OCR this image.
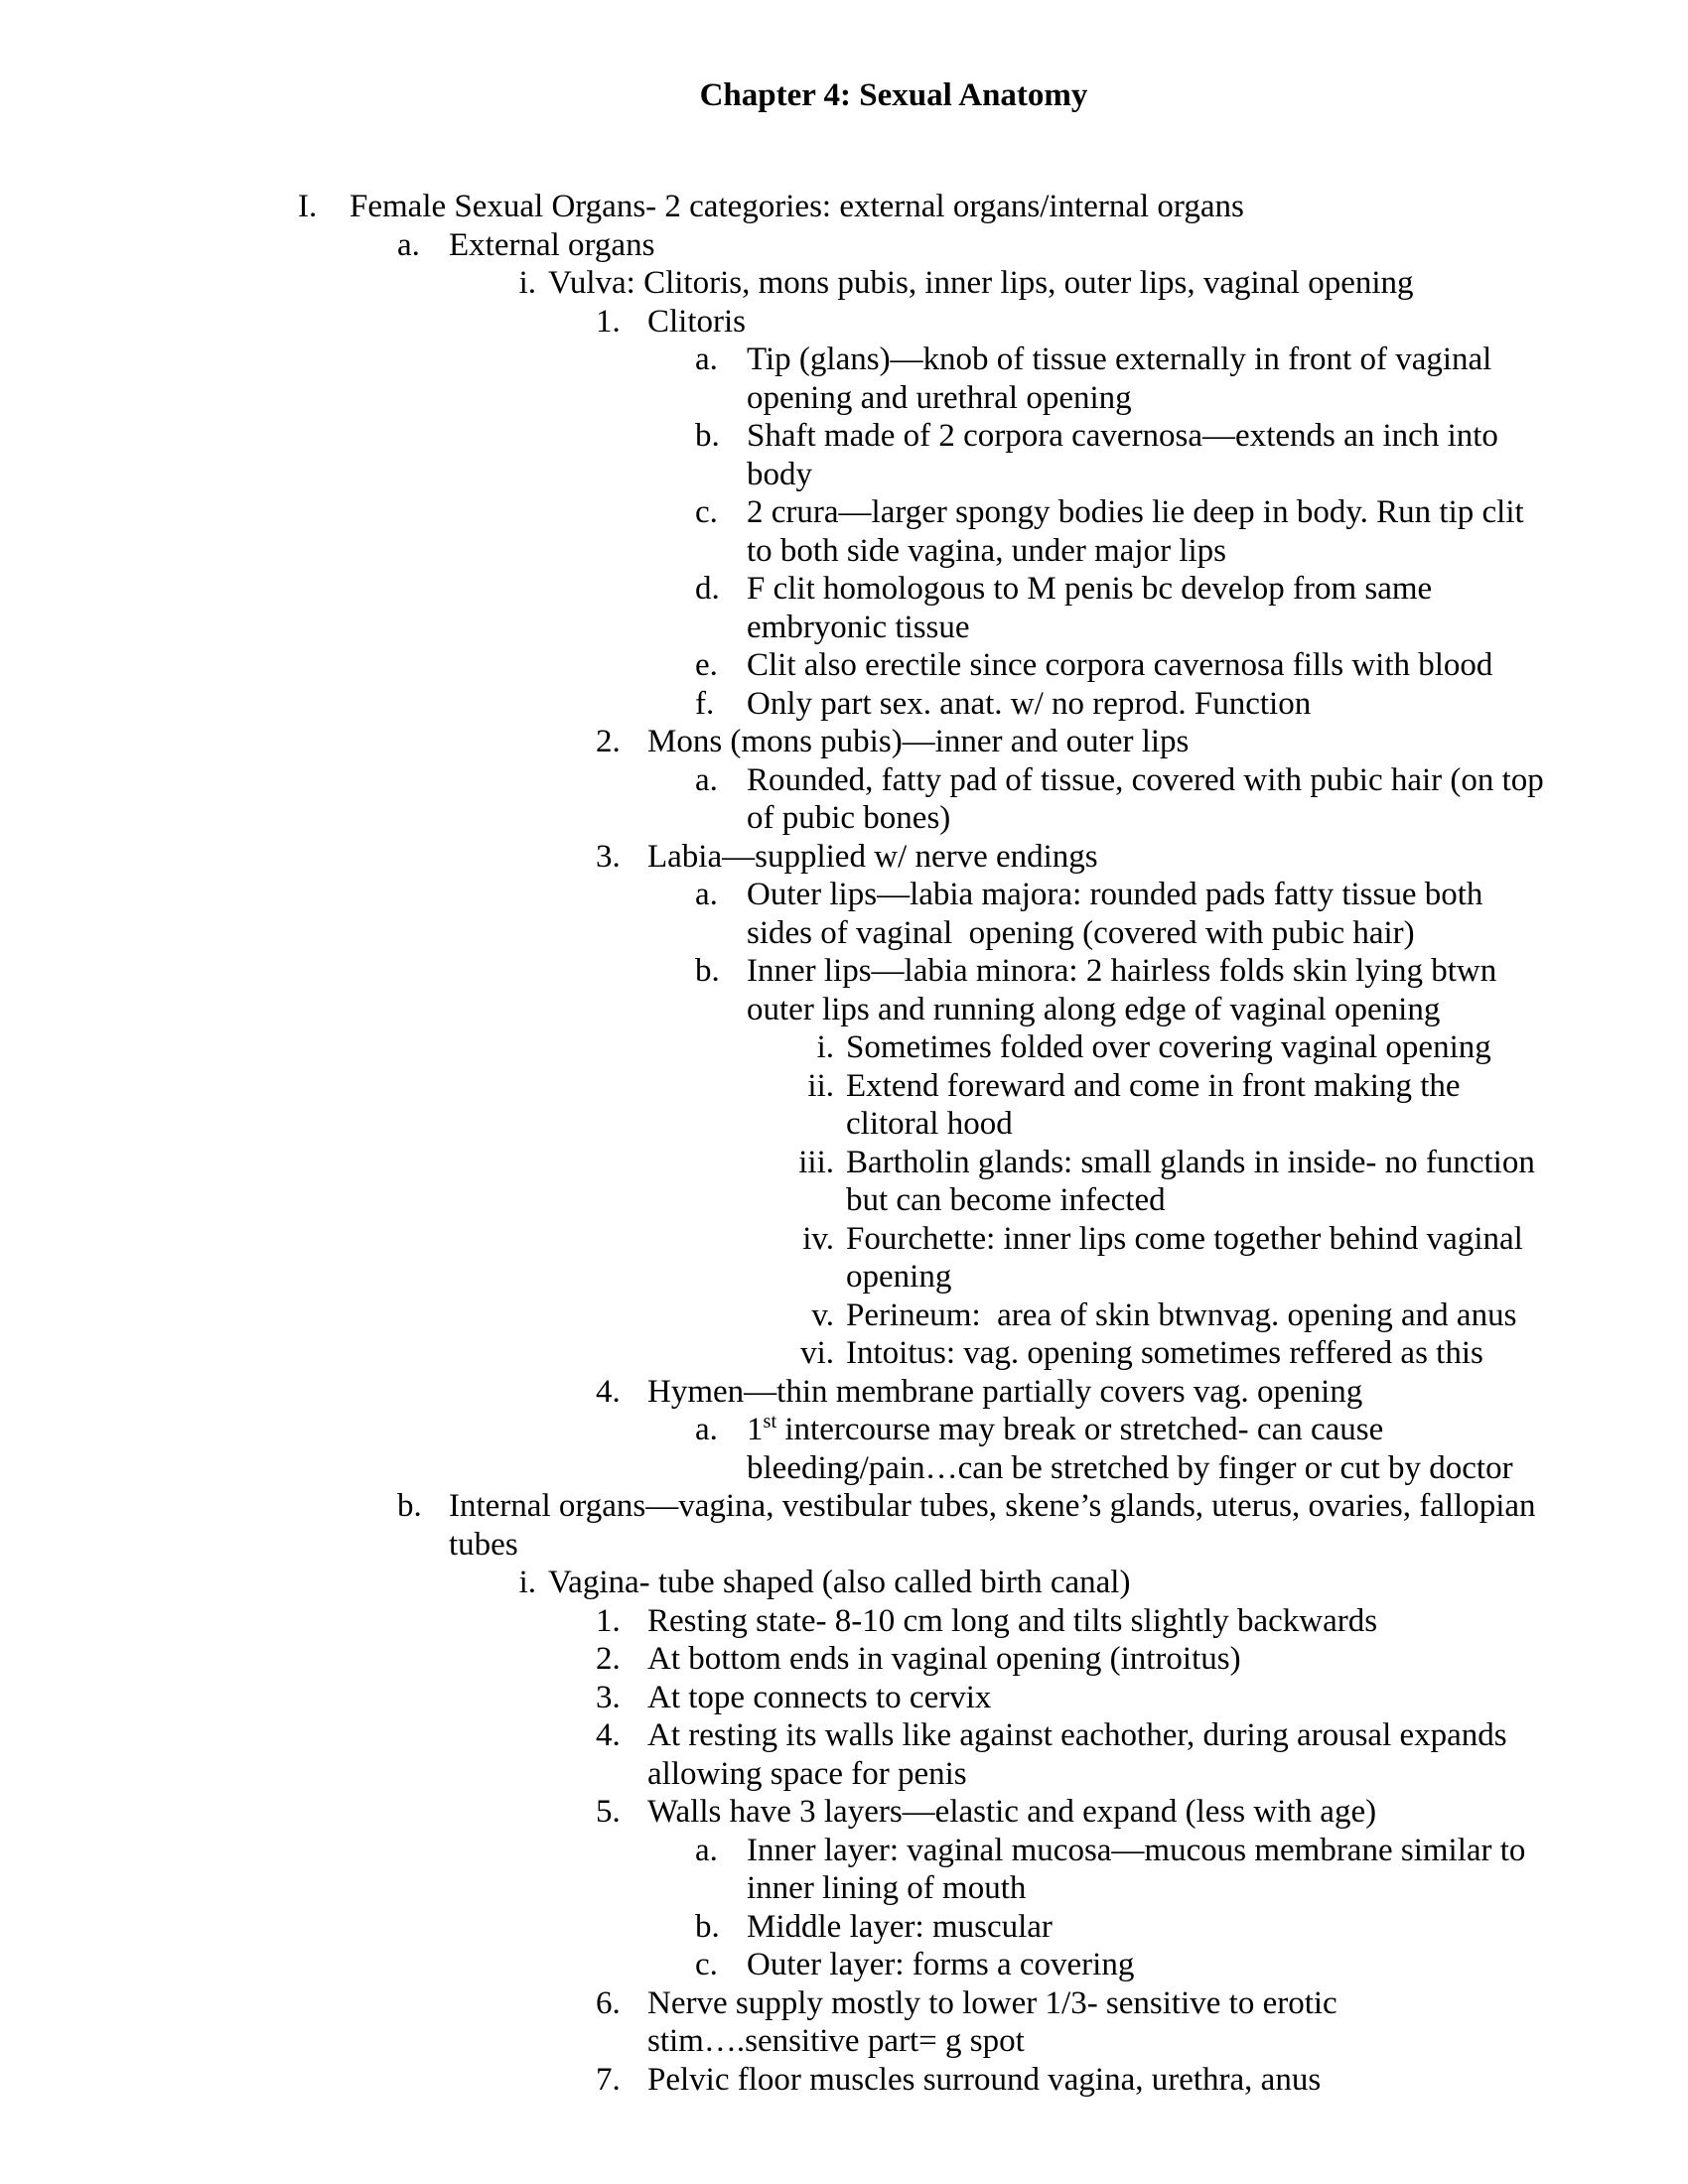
Chapter 4: Sexual Anatomy
I. Female Sexual Organs- 2 categories: external organs/internal organs
a. External organs
i. Vulva: Clitoris, mons pubis, inner lips, outer lips, vaginal opening
1. Clitoris
a. Tip (glans)—knob of tissue externally in front of vaginal opening and urethral opening
b. Shaft made of 2 corpora cavernosa—extends an inch into body
c. 2 crura—larger spongy bodies lie deep in body. Run tip clit to both side vagina, under major lips
d. F clit homologous to M penis bc develop from same embryonic tissue
e. Clit also erectile since corpora cavernosa fills with blood
f. Only part sex. anat. w/ no reprod. Function
2. Mons (mons pubis)—inner and outer lips
a. Rounded, fatty pad of tissue, covered with pubic hair (on top of pubic bones)
3. Labia—supplied w/ nerve endings
a. Outer lips—labia majora: rounded pads fatty tissue both sides of vaginal  opening (covered with pubic hair)
b. Inner lips—labia minora: 2 hairless folds skin lying btwn outer lips and running along edge of vaginal opening
i. Sometimes folded over covering vaginal opening
ii. Extend foreward and come in front making the clitoral hood
iii. Bartholin glands: small glands in inside- no function but can become infected
iv. Fourchette: inner lips come together behind vaginal opening
v. Perineum:  area of skin btwnvag. opening and anus
vi. Intoitus: vag. opening sometimes reffered as this
4. Hymen—thin membrane partially covers vag. opening
a. 1st intercourse may break or stretched- can cause bleeding/pain…can be stretched by finger or cut by doctor
b. Internal organs—vagina, vestibular tubes, skene’s glands, uterus, ovaries, fallopian tubes
i. Vagina- tube shaped (also called birth canal)
1. Resting state- 8-10 cm long and tilts slightly backwards
2. At bottom ends in vaginal opening (introitus)
3. At tope connects to cervix
4. At resting its walls like against eachother, during arousal expands allowing space for penis
5. Walls have 3 layers—elastic and expand (less with age)
a. Inner layer: vaginal mucosa—mucous membrane similar to inner lining of mouth
b. Middle layer: muscular
c. Outer layer: forms a covering
6. Nerve supply mostly to lower 1/3- sensitive to erotic stim….sensitive part= g spot
7. Pelvic floor muscles surround vagina, urethra, anus
